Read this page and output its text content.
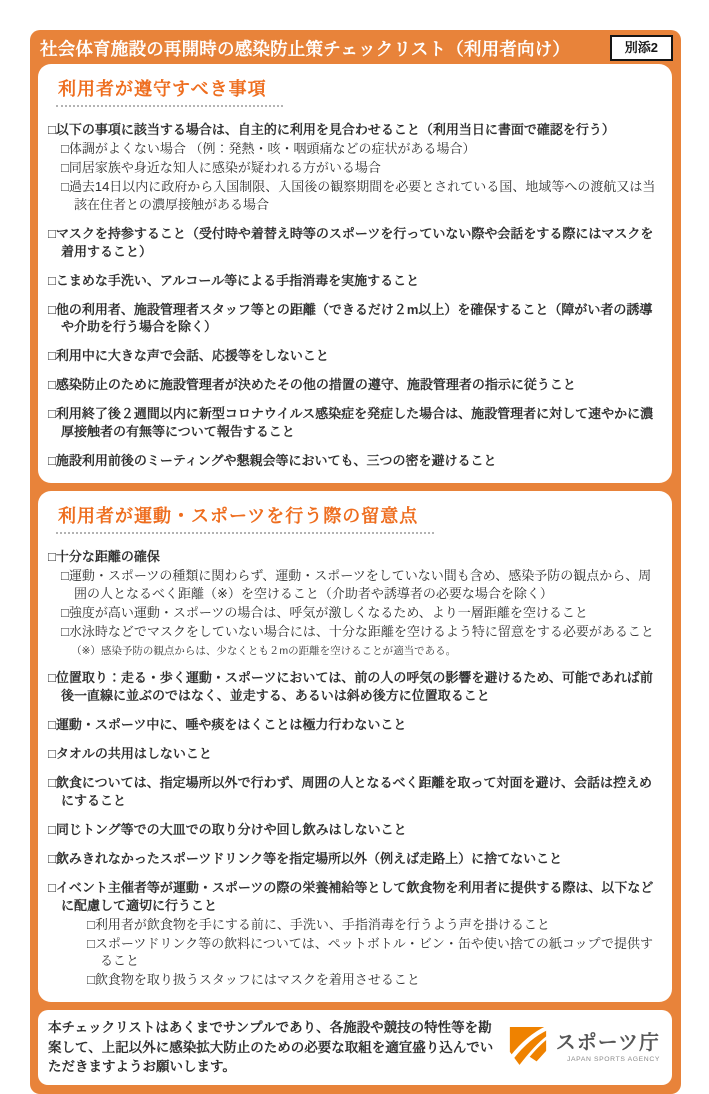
社会体育施設の再開時の感染防止策チェックリスト（利用者向け）	別添2
利用者が遵守すべき事項
□以下の事項に該当する場合は、自主的に利用を見合わせること（利用当日に書面で確認を行う）
□体調がよくない場合 （例：発熱・咳・咽頭痛などの症状がある場合）
□同居家族や身近な知人に感染が疑われる方がいる場合
□過去14日以内に政府から入国制限、入国後の観察期間を必要とされている国、地域等への渡航又は当該在住者との濃厚接触がある場合
□マスクを持参すること（受付時や着替え時等のスポーツを行っていない際や会話をする際にはマスクを着用すること）
□こまめな手洗い、アルコール等による手指消毒を実施すること
□他の利用者、施設管理者スタッフ等との距離（できるだけ２m以上）を確保すること（障がい者の誘導や介助を行う場合を除く）
□利用中に大きな声で会話、応援等をしないこと
□感染防止のために施設管理者が決めたその他の措置の遵守、施設管理者の指示に従うこと
□利用終了後２週間以内に新型コロナウイルス感染症を発症した場合は、施設管理者に対して速やかに濃厚接触者の有無等について報告すること
□施設利用前後のミーティングや懇親会等においても、三つの密を避けること
利用者が運動・スポーツを行う際の留意点
□十分な距離の確保
□運動・スポーツの種類に関わらず、運動・スポーツをしていない間も含め、感染予防の観点から、周囲の人となるべく距離（※）を空けること（介助者や誘導者の必要な場合を除く）
□強度が高い運動・スポーツの場合は、呼気が激しくなるため、より一層距離を空けること
□水泳時などでマスクをしていない場合には、十分な距離を空けるよう特に留意をする必要があること
（※）感染予防の観点からは、少なくとも２mの距離を空けることが適当である。
□位置取り：走る・歩く運動・スポーツにおいては、前の人の呼気の影響を避けるため、可能であれば前後一直線に並ぶのではなく、並走する、あるいは斜め後方に位置取ること
□運動・スポーツ中に、唾や痰をはくことは極力行わないこと
□タオルの共用はしないこと
□飲食については、指定場所以外で行わず、周囲の人となるべく距離を取って対面を避け、会話は控えめにすること
□同じトング等での大皿での取り分けや回し飲みはしないこと
□飲みきれなかったスポーツドリンク等を指定場所以外（例えば走路上）に捨てないこと
□イベント主催者等が運動・スポーツの際の栄養補給等として飲食物を利用者に提供する際は、以下などに配慮して適切に行うこと
□利用者が飲食物を手にする前に、手洗い、手指消毒を行うよう声を掛けること
□スポーツドリンク等の飲料については、ペットボトル・ビン・缶や使い捨ての紙コップで提供すること
□飲食物を取り扱うスタッフにはマスクを着用させること

本チェックリストはあくまでサンプルであり、各施設や競技の特性等を勘案して、上記以外に感染拡大防止のための必要な取組を適宜盛り込んでいただきますようお願いします。

スポーツ庁
JAPAN SPORTS AGENCY
